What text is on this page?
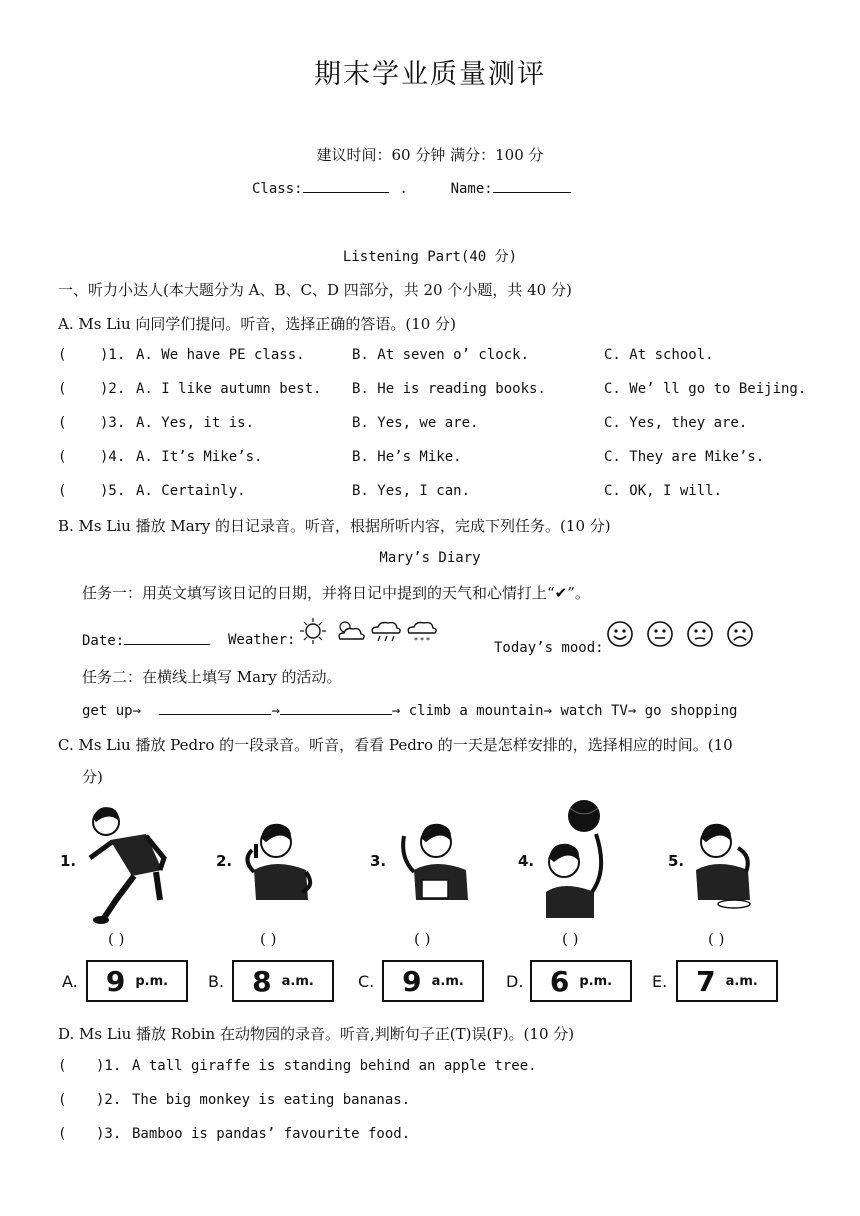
期末学业质量测评
建议时间：60 分钟 满分：100 分
Class:	.	Name:
Listening Part(40 分)
一、听力小达人(本大题分为 A、B、C、D 四部分，共 20 个小题，共 40 分)
A. Ms Liu 向同学们提问。听音，选择正确的答语。(10 分)
( )1. A. We have PE class.	B. At seven o’ clock.	C. At school.
( )2. A. I like autumn best. B. He is reading books.	C. We’ ll go to Beijing.
( )3. A. Yes, it is.	B. Yes, we are.	C. Yes, they are.
( )4. A. It’s Mike’s.	B. He’s Mike.	C. They are Mike’s.
( )5. A. Certainly.	B. Yes, I can.	C. OK, I will.
B. Ms Liu 播放 Mary 的日记录音。听音，根据所听内容，完成下列任务。(10 分)
Mary’s Diary
任务一：用英文填写该日记的日期，并将日记中提到的天气和心情打上“✔”。
Date:	Weather:	* * *	Today’s mood:
任务二：在横线上填写 Mary 的活动。
get up→	→	→ climb a mountain→ watch TV→ go shopping
C. Ms Liu 播放 Pedro 的一段录音。听音，看看 Pedro 的一天是怎样安排的，选择相应的时间。(10
分)
1.	2.	3.	4.	5.
( )	( )	( )	( )	( )
A. 9 p.m. B. 8 a.m.	C. 9 a.m.	D. 6 p.m. E. 7 a.m.
D. Ms Liu 播放 Robin 在动物园的录音。听音,判断句子正(T)误(F)。(10 分)
( )1. A tall giraffe is standing behind an apple tree.
( )2. The big monkey is eating bananas.
( )3. Bamboo is pandas’ favourite food.
